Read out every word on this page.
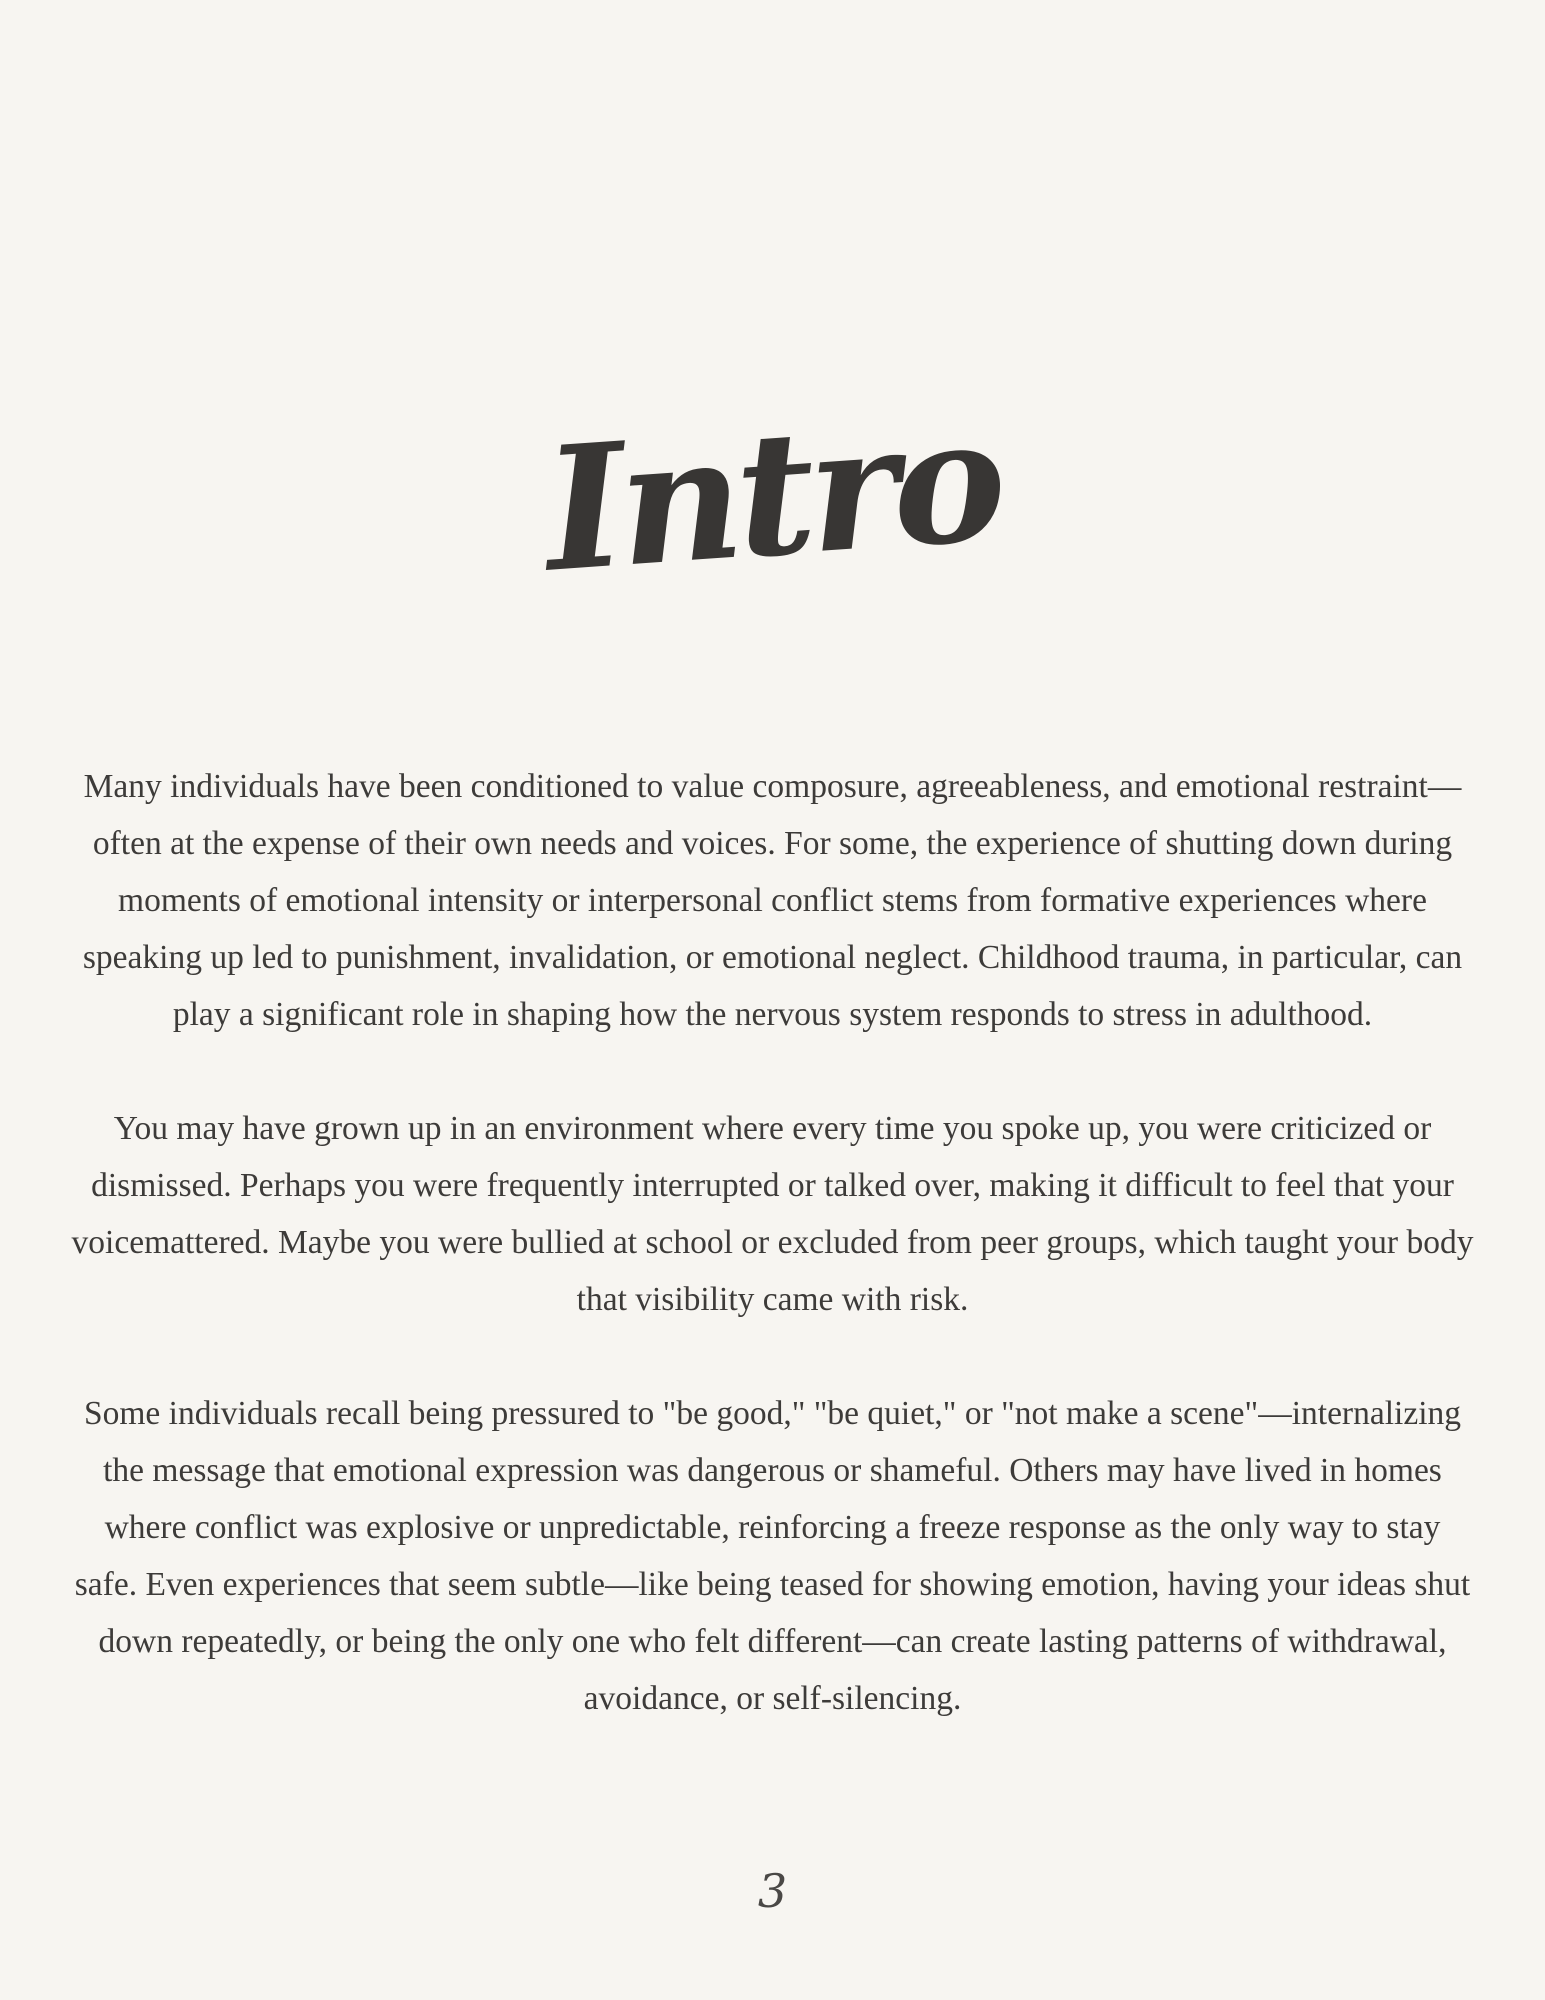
Intro

Many individuals have been conditioned to value composure, agreeableness, and emotional restraint—often at the expense of their own needs and voices. For some, the experience of shutting down during moments of emotional intensity or interpersonal conflict stems from formative experiences where speaking up led to punishment, invalidation, or emotional neglect. Childhood trauma, in particular, can play a significant role in shaping how the nervous system responds to stress in adulthood.

You may have grown up in an environment where every time you spoke up, you were criticized or dismissed. Perhaps you were frequently interrupted or talked over, making it difficult to feel that your voicemattered. Maybe you were bullied at school or excluded from peer groups, which taught your body that visibility came with risk.

Some individuals recall being pressured to "be good," "be quiet," or "not make a scene"—internalizing the message that emotional expression was dangerous or shameful. Others may have lived in homes where conflict was explosive or unpredictable, reinforcing a freeze response as the only way to stay safe. Even experiences that seem subtle—like being teased for showing emotion, having your ideas shut down repeatedly, or being the only one who felt different—can create lasting patterns of withdrawal, avoidance, or self-silencing.

3
